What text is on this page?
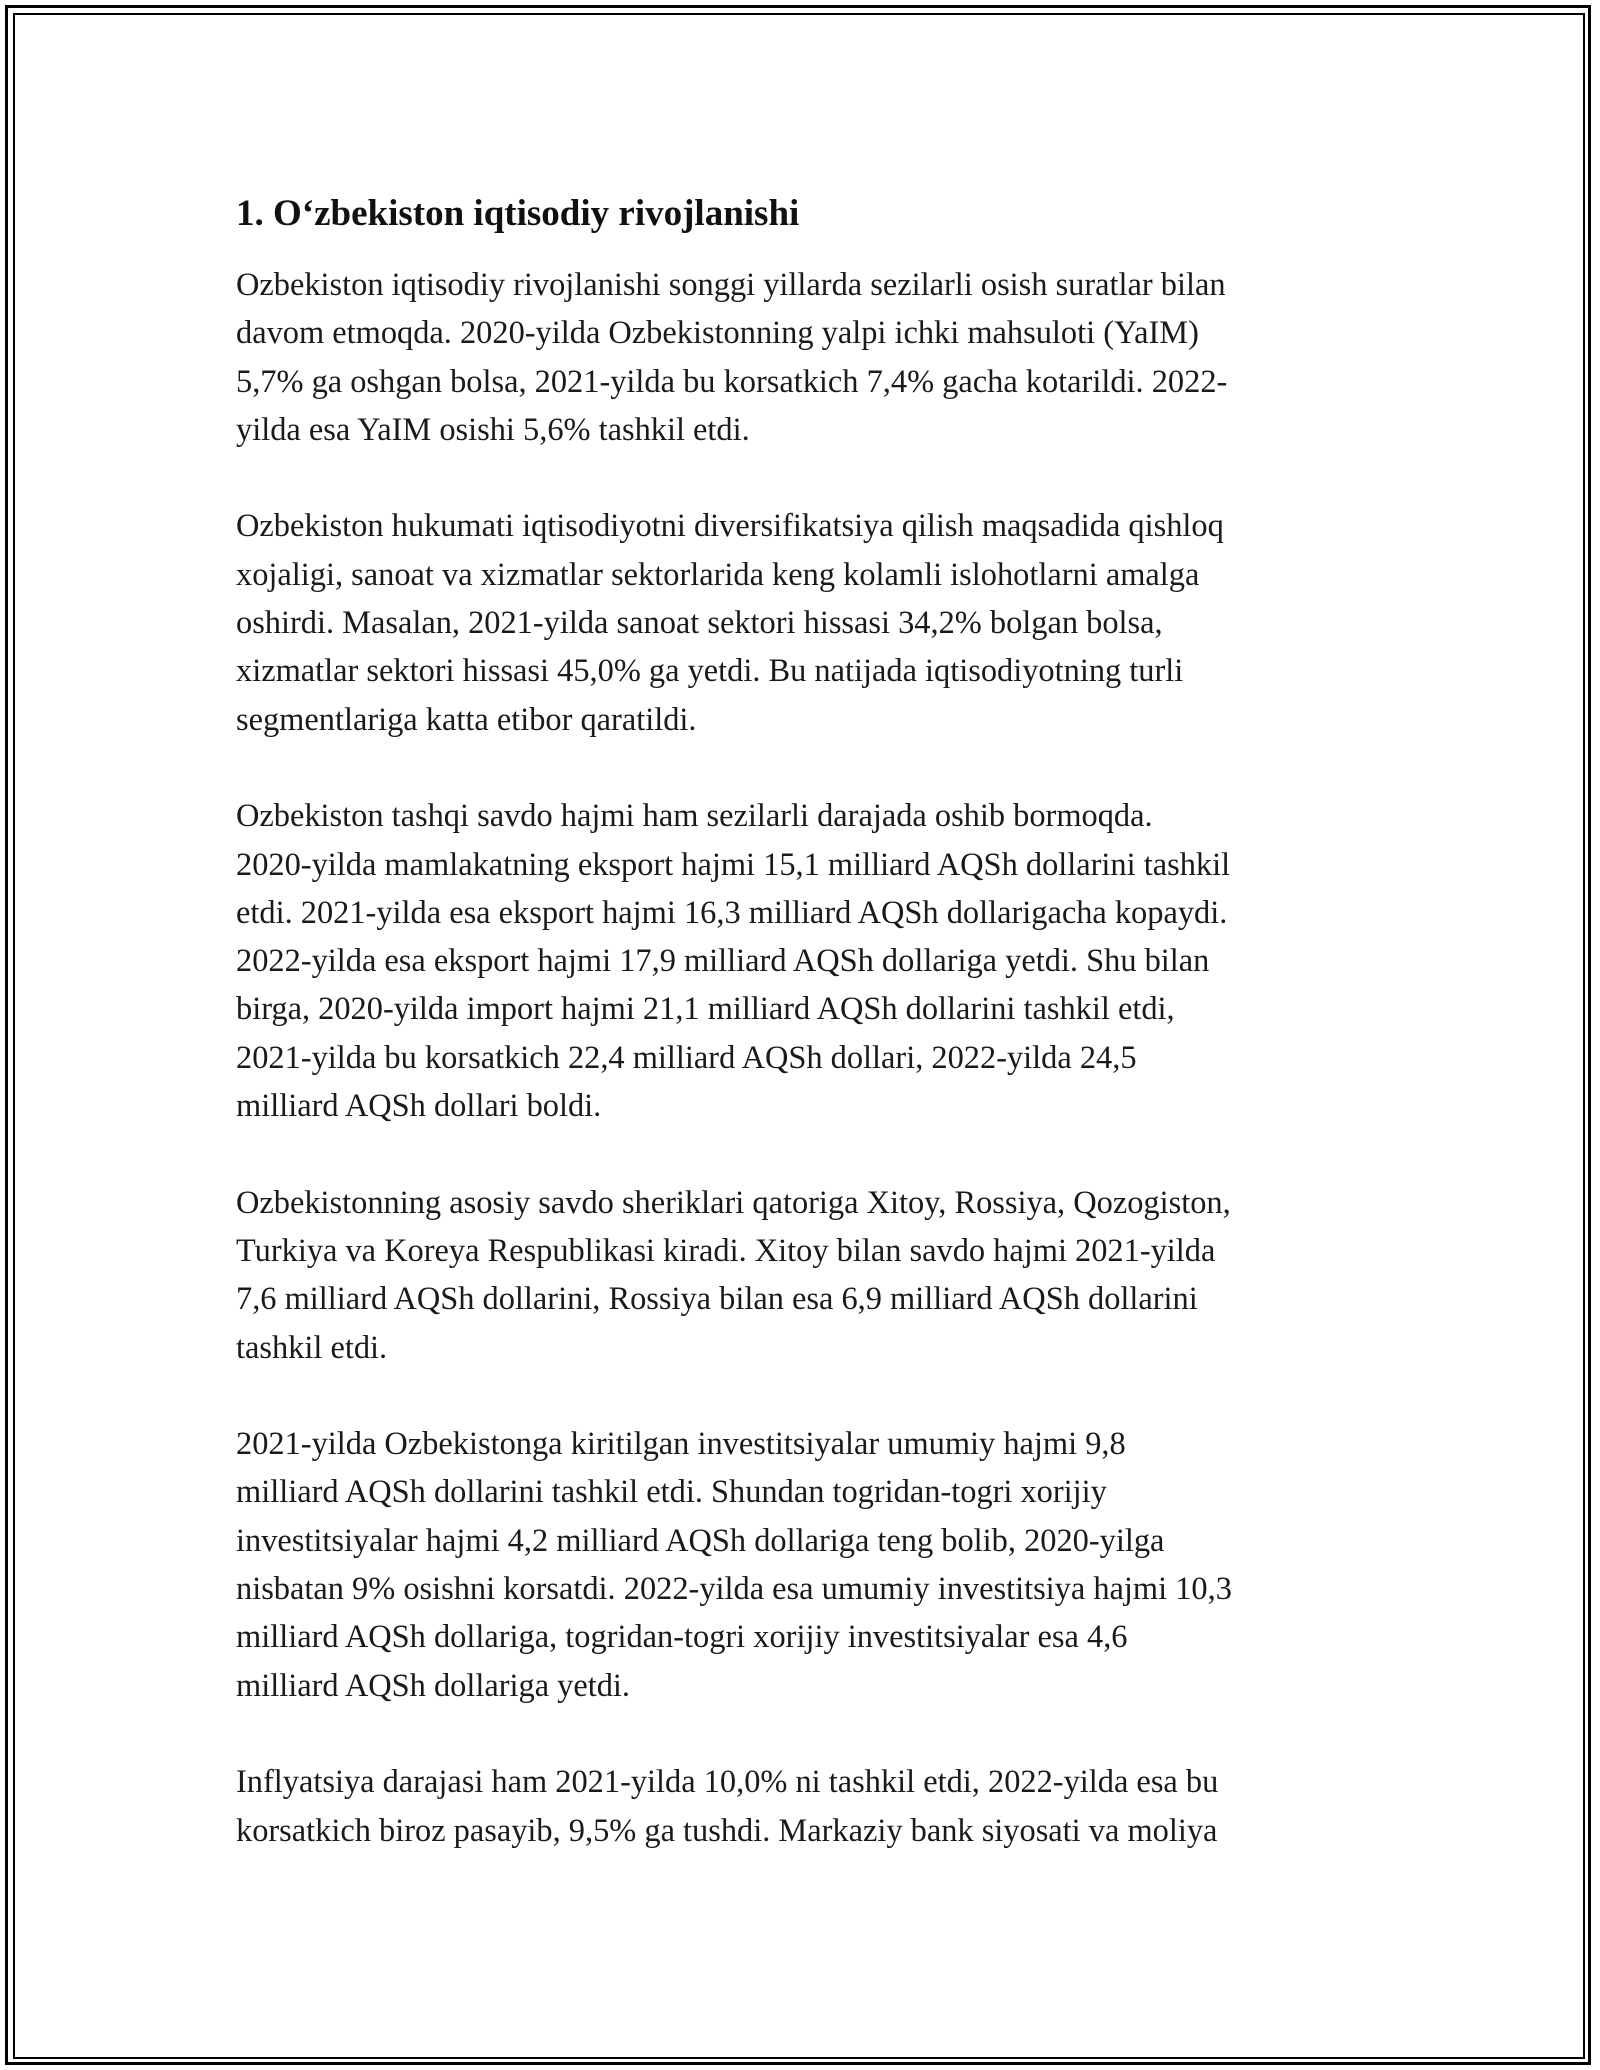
1. O‘zbekiston iqtisodiy rivojlanishi

Ozbekiston iqtisodiy rivojlanishi songgi yillarda sezilarli osish suratlar bilan
davom etmoqda. 2020-yilda Ozbekistonning yalpi ichki mahsuloti (YaIM)
5,7% ga oshgan bolsa, 2021-yilda bu korsatkich 7,4% gacha kotarildi. 2022-
yilda esa YaIM osishi 5,6% tashkil etdi.

Ozbekiston hukumati iqtisodiyotni diversifikatsiya qilish maqsadida qishloq
xojaligi, sanoat va xizmatlar sektorlarida keng kolamli islohotlarni amalga
oshirdi. Masalan, 2021-yilda sanoat sektori hissasi 34,2% bolgan bolsa,
xizmatlar sektori hissasi 45,0% ga yetdi. Bu natijada iqtisodiyotning turli
segmentlariga katta etibor qaratildi.

Ozbekiston tashqi savdo hajmi ham sezilarli darajada oshib bormoqda.
2020-yilda mamlakatning eksport hajmi 15,1 milliard AQSh dollarini tashkil
etdi. 2021-yilda esa eksport hajmi 16,3 milliard AQSh dollarigacha kopaydi.
2022-yilda esa eksport hajmi 17,9 milliard AQSh dollariga yetdi. Shu bilan
birga, 2020-yilda import hajmi 21,1 milliard AQSh dollarini tashkil etdi,
2021-yilda bu korsatkich 22,4 milliard AQSh dollari, 2022-yilda 24,5
milliard AQSh dollari boldi.

Ozbekistonning asosiy savdo sheriklari qatoriga Xitoy, Rossiya, Qozogiston,
Turkiya va Koreya Respublikasi kiradi. Xitoy bilan savdo hajmi 2021-yilda
7,6 milliard AQSh dollarini, Rossiya bilan esa 6,9 milliard AQSh dollarini
tashkil etdi.

2021-yilda Ozbekistonga kiritilgan investitsiyalar umumiy hajmi 9,8
milliard AQSh dollarini tashkil etdi. Shundan togridan-togri xorijiy
investitsiyalar hajmi 4,2 milliard AQSh dollariga teng bolib, 2020-yilga
nisbatan 9% osishni korsatdi. 2022-yilda esa umumiy investitsiya hajmi 10,3
milliard AQSh dollariga, togridan-togri xorijiy investitsiyalar esa 4,6
milliard AQSh dollariga yetdi.

Inflyatsiya darajasi ham 2021-yilda 10,0% ni tashkil etdi, 2022-yilda esa bu
korsatkich biroz pasayib, 9,5% ga tushdi. Markaziy bank siyosati va moliya
